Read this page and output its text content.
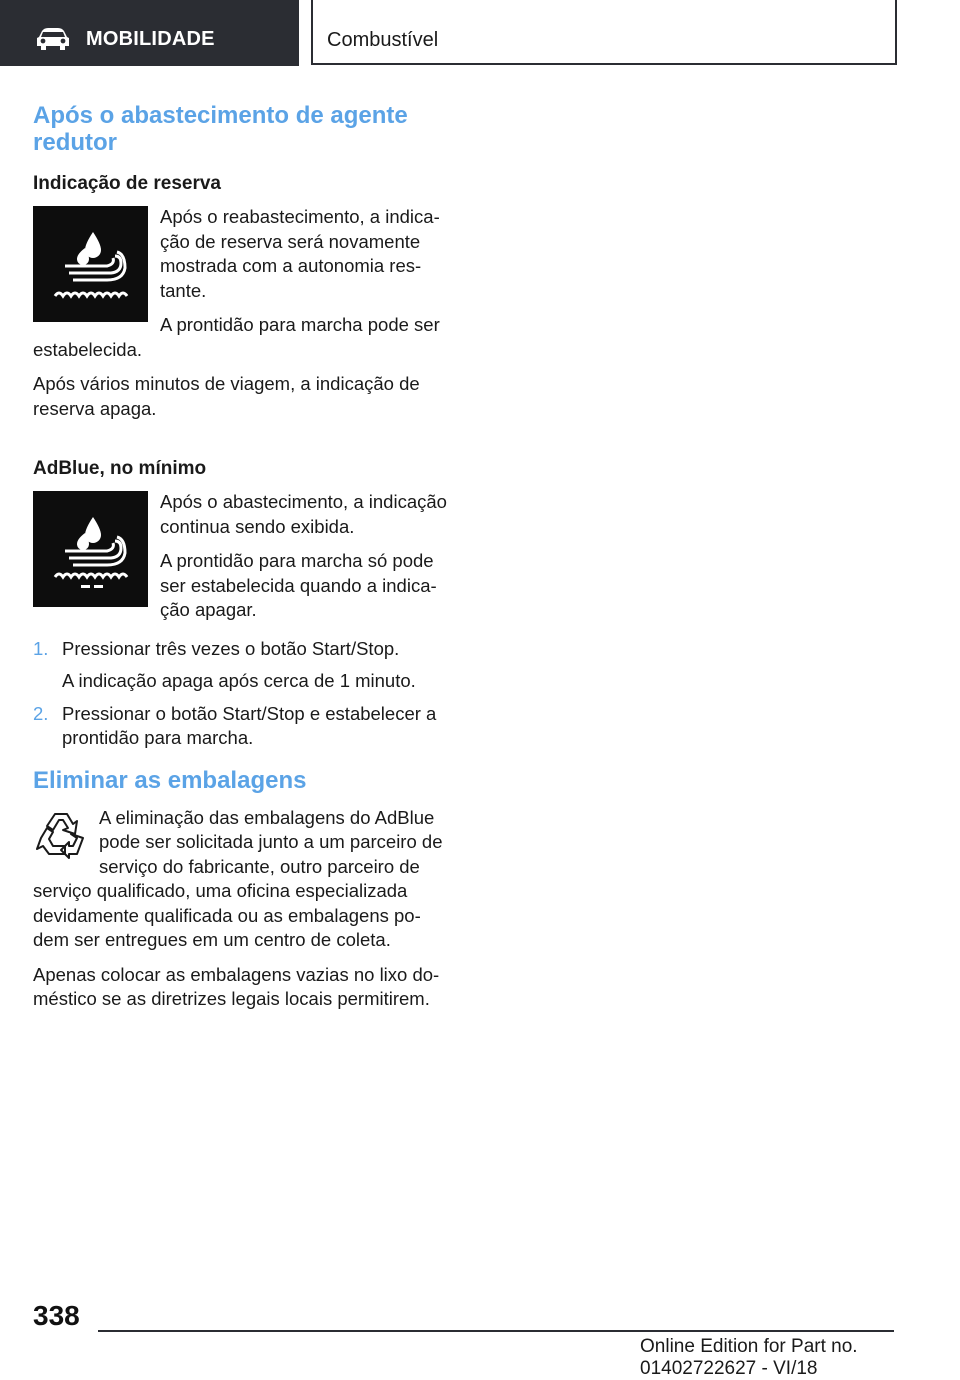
MOBILIDADE	Combustível
Após o abastecimento de agente redutor
Indicação de reserva

Após o reabastecimento, a indicação de reserva será novamente mostrada com a autonomia restante.

A prontidão para marcha pode ser estabelecida.

Após vários minutos de viagem, a indicação de reserva apaga.

AdBlue, no mínimo

Após o abastecimento, a indicação continua sendo exibida.

A prontidão para marcha só pode ser estabelecida quando a indicação apagar.

1. Pressionar três vezes o botão Start/Stop.

A indicação apaga após cerca de 1 minuto.

2. Pressionar o botão Start/Stop e estabelecer a prontidão para marcha.

Eliminar as embalagens

A eliminação das embalagens do AdBlue pode ser solicitada junto a um parceiro de serviço do fabricante, outro parceiro de serviço qualificado, uma oficina especializada devidamente qualificada ou as embalagens podem ser entregues em um centro de coleta.

Apenas colocar as embalagens vazias no lixo doméstico se as diretrizes legais locais permitirem.

338
Online Edition for Part no. 01402722627 - VI/18
